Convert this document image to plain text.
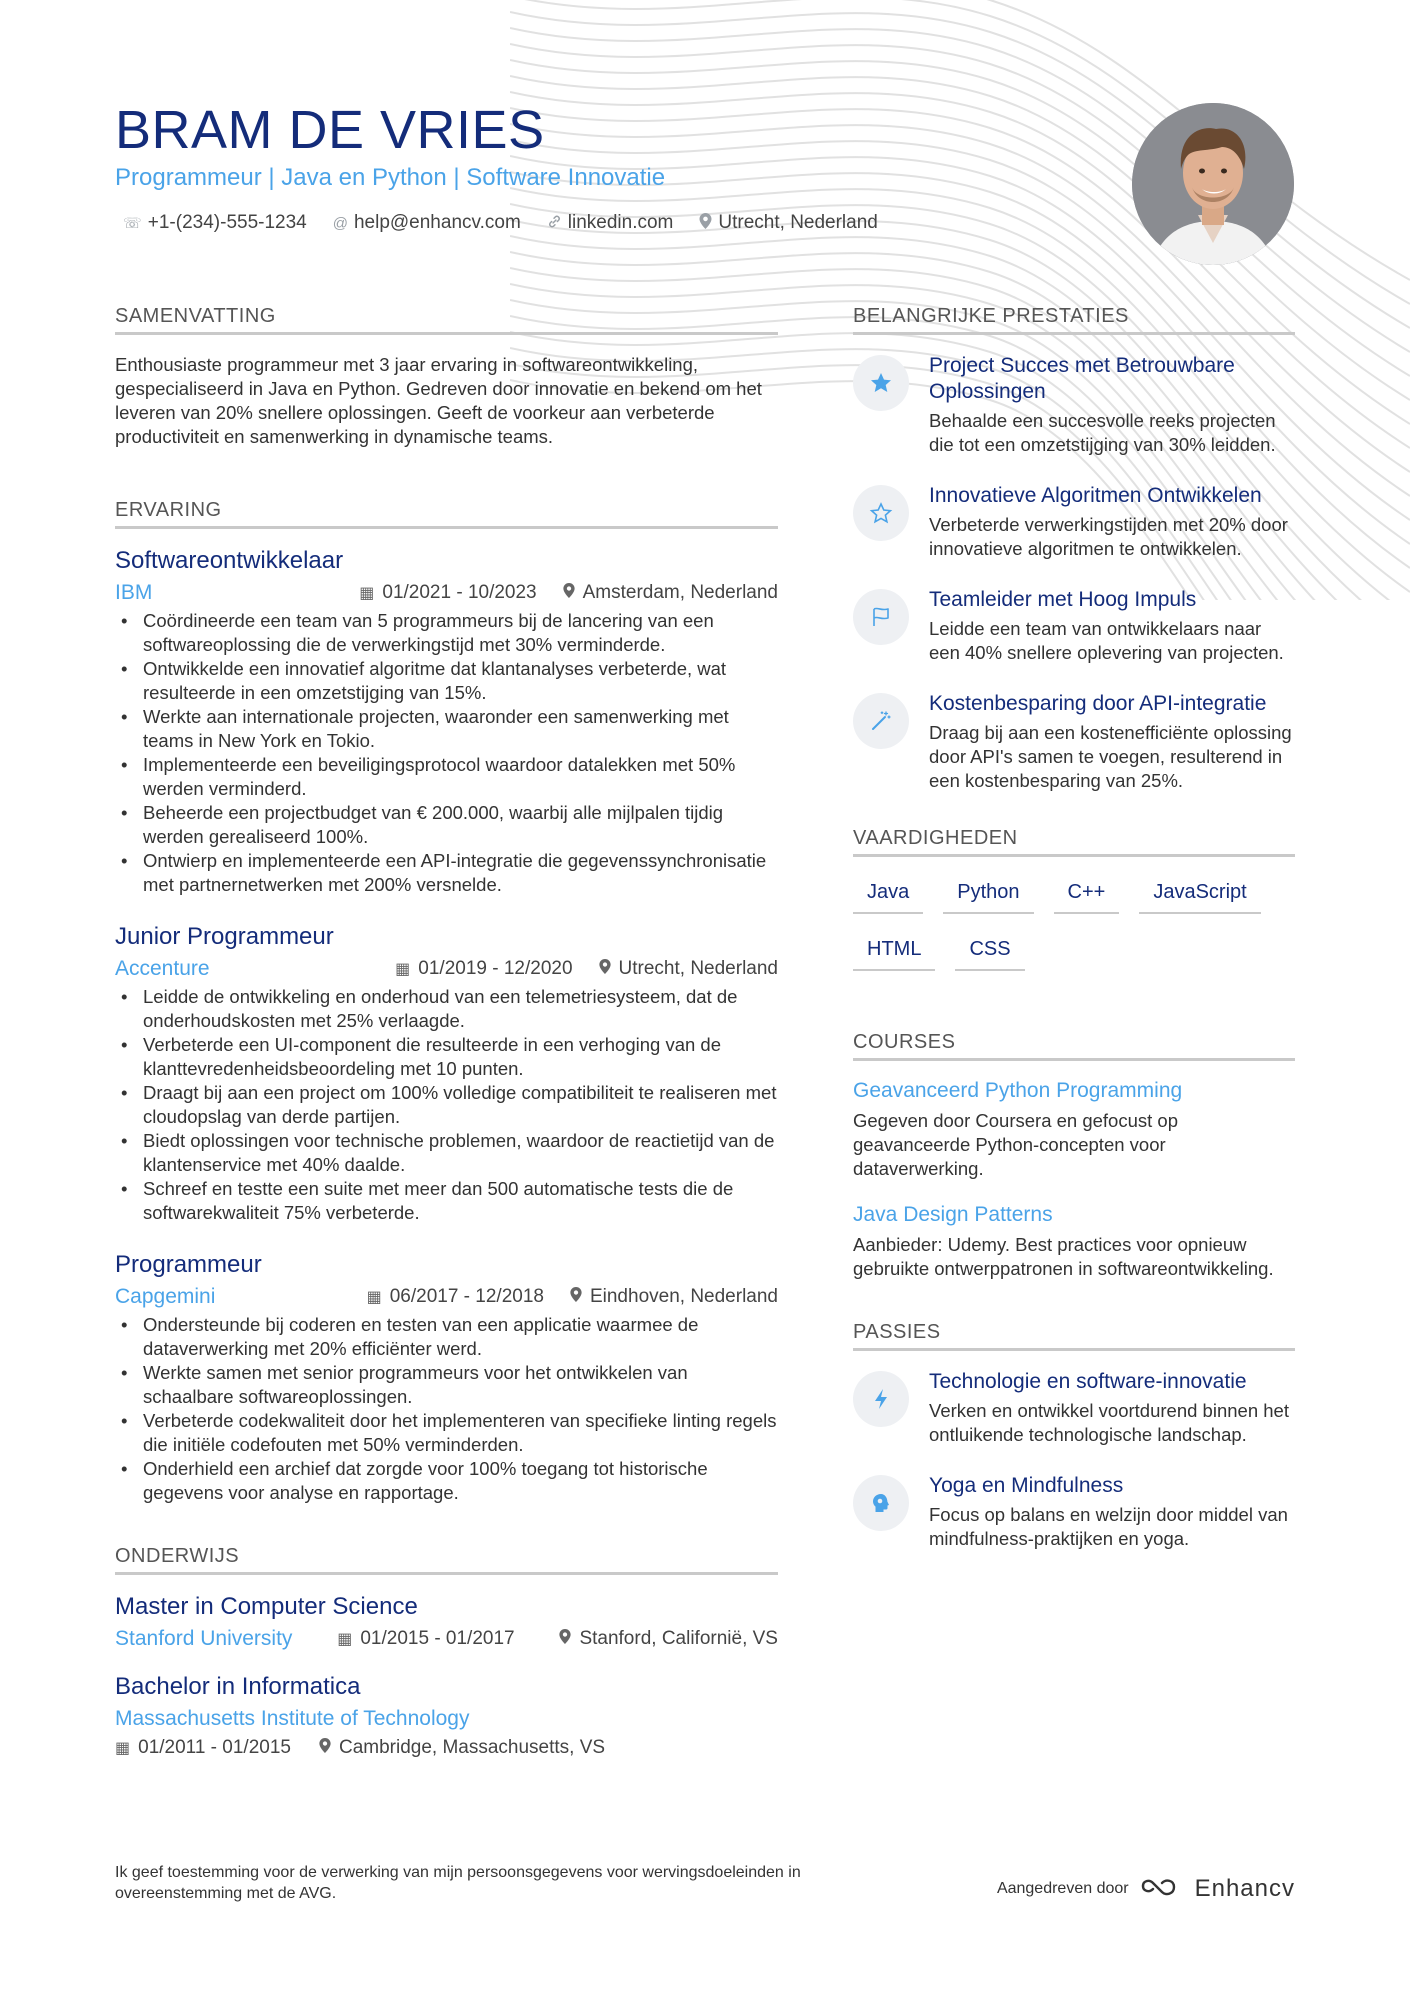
BRAM DE VRIES
Programmeur | Java en Python | Software Innovatie
☏ +1-(234)-555-1234 @ help@enhancv.com linkedin.com Utrecht, Nederland
SAMENVATTING

Enthousiaste programmeur met 3 jaar ervaring in softwareontwikkeling, gespecialiseerd in Java en Python. Gedreven door innovatie en bekend om het leveren van 20% snellere oplossingen. Geeft de voorkeur aan verbeterde productiviteit en samenwerking in dynamische teams.

ERVARING
Softwareontwikkelaar
IBM	▦ 01/2021 - 10/2023 Amsterdam, Nederland
• Coördineerde een team van 5 programmeurs bij de lancering van een softwareoplossing die de verwerkingstijd met 30% verminderde.
• Ontwikkelde een innovatief algoritme dat klantanalyses verbeterde, wat resulteerde in een omzetstijging van 15%.
• Werkte aan internationale projecten, waaronder een samenwerking met teams in New York en Tokio.
• Implementeerde een beveiligingsprotocol waardoor datalekken met 50% werden verminderd.
• Beheerde een projectbudget van € 200.000, waarbij alle mijlpalen tijdig werden gerealiseerd 100%.
• Ontwierp en implementeerde een API-integratie die gegevenssynchronisatie met partnernetwerken met 200% versnelde.
Junior Programmeur
Accenture	▦ 01/2019 - 12/2020 Utrecht, Nederland
• Leidde de ontwikkeling en onderhoud van een telemetriesysteem, dat de onderhoudskosten met 25% verlaagde.
• Verbeterde een UI-component die resulteerde in een verhoging van de klanttevredenheidsbeoordeling met 10 punten.
• Draagt bij aan een project om 100% volledige compatibiliteit te realiseren met cloudopslag van derde partijen.
• Biedt oplossingen voor technische problemen, waardoor de reactietijd van de klantenservice met 40% daalde.
• Schreef en testte een suite met meer dan 500 automatische tests die de softwarekwaliteit 75% verbeterde.
Programmeur
Capgemini	▦ 06/2017 - 12/2018 Eindhoven, Nederland
• Ondersteunde bij coderen en testen van een applicatie waarmee de dataverwerking met 20% efficiënter werd.
• Werkte samen met senior programmeurs voor het ontwikkelen van schaalbare softwareoplossingen.
• Verbeterde codekwaliteit door het implementeren van specifieke linting regels die initiële codefouten met 50% verminderden.
• Onderhield een archief dat zorgde voor 100% toegang tot historische gegevens voor analyse en rapportage.
ONDERWIJS
Master in Computer Science
Stanford University	▦ 01/2015 - 01/2017	Stanford, Californië, VS
Bachelor in Informatica
Massachusetts Institute of Technology
▦ 01/2011 - 01/2015	Cambridge, Massachusetts, VS
BELANGRIJKE PRESTATIES
Project Succes met Betrouwbare Oplossingen
Behaalde een succesvolle reeks projecten die tot een omzetstijging van 30% leidden.
Innovatieve Algoritmen Ontwikkelen
Verbeterde verwerkingstijden met 20% door innovatieve algoritmen te ontwikkelen.
Teamleider met Hoog Impuls
Leidde een team van ontwikkelaars naar een 40% snellere oplevering van projecten.
Kostenbesparing door API-integratie
Draag bij aan een kostenefficiënte oplossing door API's samen te voegen, resulterend in een kostenbesparing van 25%.
VAARDIGHEDEN
Java	Python	C++	JavaScript
HTML	CSS
COURSES
Geavanceerd Python Programming
Gegeven door Coursera en gefocust op geavanceerde Python-concepten voor dataverwerking.
Java Design Patterns
Aanbieder: Udemy. Best practices voor opnieuw gebruikte ontwerppatronen in softwareontwikkeling.
PASSIES
Technologie en software-innovatie
Verken en ontwikkel voortdurend binnen het ontluikende technologische landschap.
Yoga en Mindfulness
Focus op balans en welzijn door middel van mindfulness-praktijken en yoga.
Ik geef toestemming voor de verwerking van mijn persoonsgegevens voor wervingsdoeleinden in overeenstemming met de AVG.	Aangedreven door	Enhancv
